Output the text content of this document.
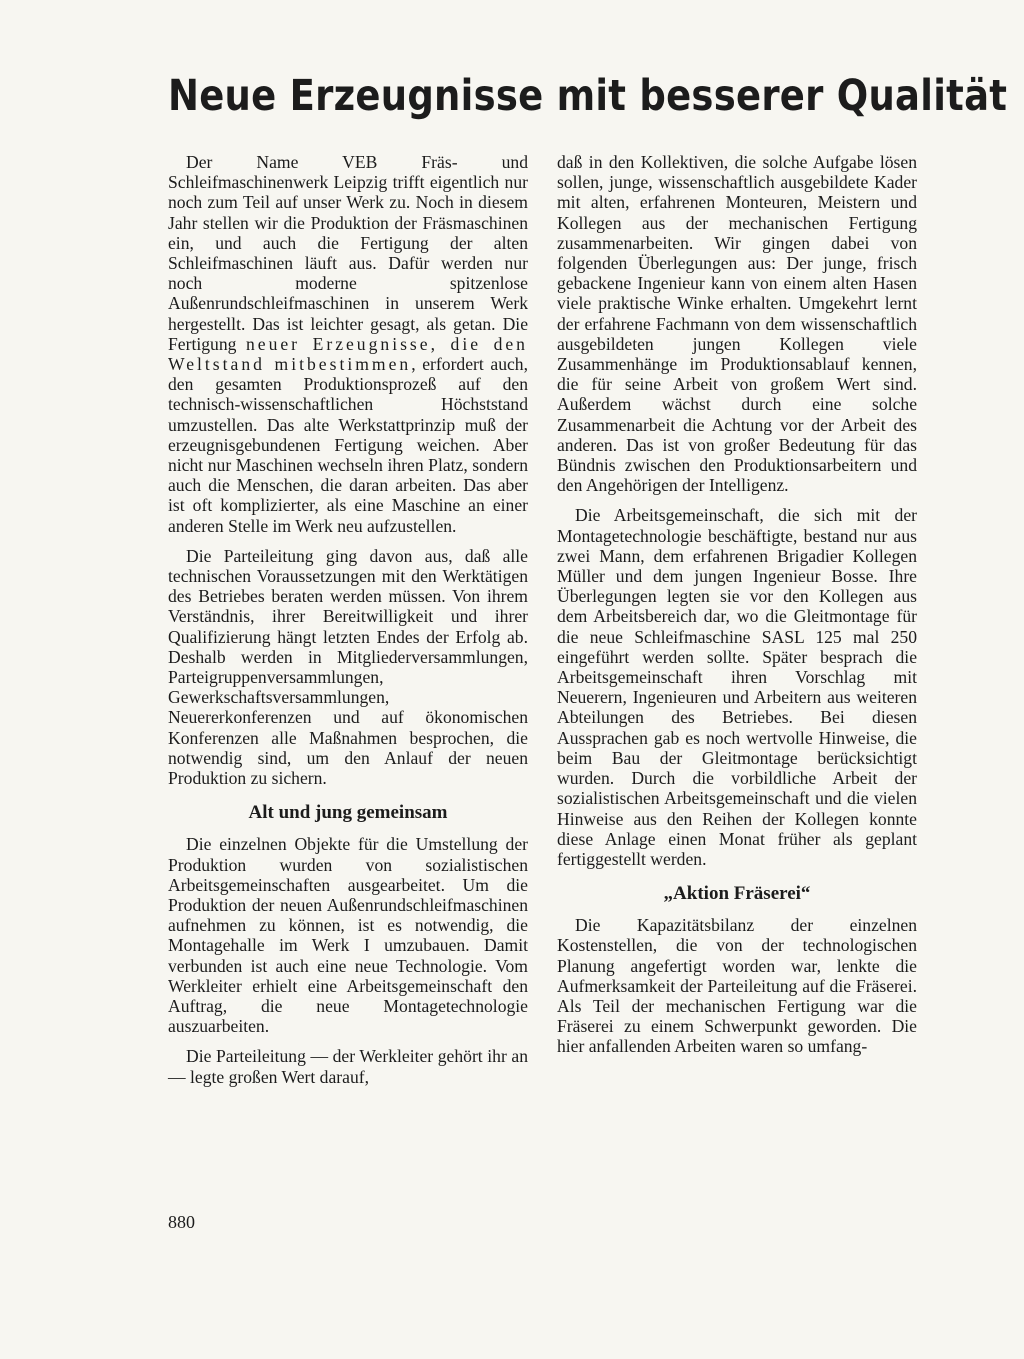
Neue Erzeugnisse mit besserer Qualität

Der Name VEB Fräs- und Schleifmaschinenwerk Leipzig trifft eigentlich nur noch zum Teil auf unser Werk zu. Noch in diesem Jahr stellen wir die Produktion der Fräsmaschinen ein, und auch die Fertigung der alten Schleifmaschinen läuft aus. Dafür werden nur noch moderne spitzenlose Außenrundschleifmaschinen in unserem Werk hergestellt. Das ist leichter gesagt, als getan. Die Fertigung neuer Erzeugnisse, die den Weltstand mitbestimmen, erfordert auch, den gesamten Produktionsprozeß auf den technisch-wissenschaftlichen Höchststand umzustellen. Das alte Werkstattprinzip muß der erzeugnisgebundenen Fertigung weichen. Aber nicht nur Maschinen wechseln ihren Platz, sondern auch die Menschen, die daran arbeiten. Das aber ist oft komplizierter, als eine Maschine an einer anderen Stelle im Werk neu aufzustellen.

Die Parteileitung ging davon aus, daß alle technischen Voraussetzungen mit den Werktätigen des Betriebes beraten werden müssen. Von ihrem Verständnis, ihrer Bereitwilligkeit und ihrer Qualifizierung hängt letzten Endes der Erfolg ab. Deshalb werden in Mitgliederversammlungen, Parteigruppenversammlungen, Gewerkschaftsversammlungen, Neuererkonferenzen und auf ökonomischen Konferenzen alle Maßnahmen besprochen, die notwendig sind, um den Anlauf der neuen Produktion zu sichern.

Alt und jung gemeinsam

Die einzelnen Objekte für die Umstellung der Produktion wurden von sozialistischen Arbeitsgemeinschaften ausgearbeitet. Um die Produktion der neuen Außenrundschleifmaschinen aufnehmen zu können, ist es notwendig, die Montagehalle im Werk I umzubauen. Damit verbunden ist auch eine neue Technologie. Vom Werkleiter erhielt eine Arbeitsgemeinschaft den Auftrag, die neue Montagetechnologie auszuarbeiten.

Die Parteileitung — der Werkleiter gehört ihr an — legte großen Wert darauf,

daß in den Kollektiven, die solche Aufgabe lösen sollen, junge, wissenschaftlich ausgebildete Kader mit alten, erfahrenen Monteuren, Meistern und Kollegen aus der mechanischen Fertigung zusammenarbeiten. Wir gingen dabei von folgenden Überlegungen aus: Der junge, frisch gebackene Ingenieur kann von einem alten Hasen viele praktische Winke erhalten. Umgekehrt lernt der erfahrene Fachmann von dem wissenschaftlich ausgebildeten jungen Kollegen viele Zusammenhänge im Produktionsablauf kennen, die für seine Arbeit von großem Wert sind. Außerdem wächst durch eine solche Zusammenarbeit die Achtung vor der Arbeit des anderen. Das ist von großer Bedeutung für das Bündnis zwischen den Produktionsarbeitern und den Angehörigen der Intelligenz.

Die Arbeitsgemeinschaft, die sich mit der Montagetechnologie beschäftigte, bestand nur aus zwei Mann, dem erfahrenen Brigadier Kollegen Müller und dem jungen Ingenieur Bosse. Ihre Überlegungen legten sie vor den Kollegen aus dem Arbeitsbereich dar, wo die Gleitmontage für die neue Schleifmaschine SASL 125 mal 250 eingeführt werden sollte. Später besprach die Arbeitsgemeinschaft ihren Vorschlag mit Neuerern, Ingenieuren und Arbeitern aus weiteren Abteilungen des Betriebes. Bei diesen Aussprachen gab es noch wertvolle Hinweise, die beim Bau der Gleitmontage berücksichtigt wurden. Durch die vorbildliche Arbeit der sozialistischen Arbeitsgemeinschaft und die vielen Hinweise aus den Reihen der Kollegen konnte diese Anlage einen Monat früher als geplant fertiggestellt werden.

„Aktion Fräserei“

Die Kapazitätsbilanz der einzelnen Kostenstellen, die von der technologischen Planung angefertigt worden war, lenkte die Aufmerksamkeit der Parteileitung auf die Fräserei. Als Teil der mechanischen Fertigung war die Fräserei zu einem Schwerpunkt geworden. Die hier anfallenden Arbeiten waren so umfang-

880
